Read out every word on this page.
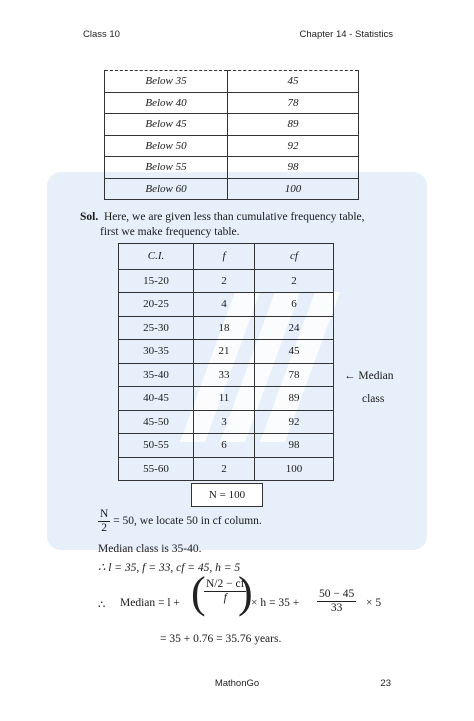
Class 10	Chapter 14 - Statistics
Below 35	45
Below 40	78
Below 45	89
Below 50	92
Below 55	98
Below 60	100
Sol. Here, we are given less than cumulative frequency table,
first we make frequency table.
C.I.	f	cf
15-20	2	2
20-25	4	6
25-30	18	24
30-35	21	45
35-40	33	78
40-45	11	89
45-50	3	92
50-55	6	98
55-60	2	100
N = 100
← Median
class
$\frac{N}{2} = 50$, we locate 50 in cf column.
Median class is 35-40.
∴ l = 35, f = 33, cf = 45, h = 5
∴ Median = l + (
$\frac{N/2 - cf}{f}$
)
× $h = 35 + \frac{50 - 45}{33} \times 5$
= 35 + 0.76 = 35.76 years.
MathonGo	23
